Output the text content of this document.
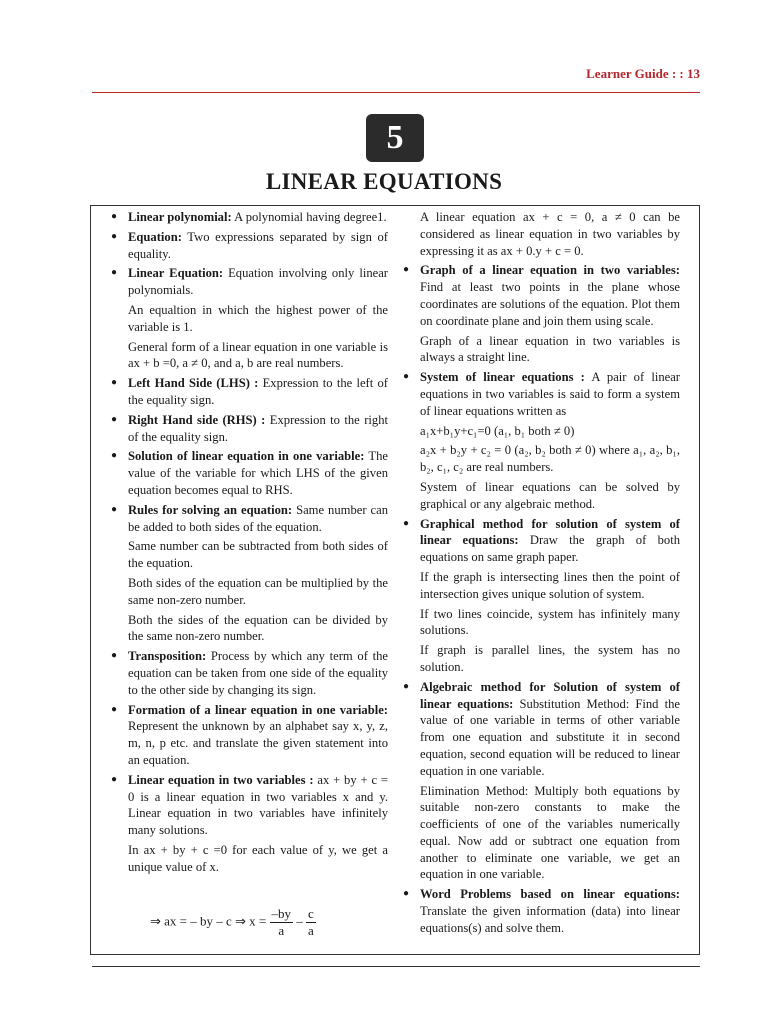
Learner Guide : : 13
5
LINEAR EQUATIONS
● Linear polynomial: A polynomial having degree1.
● Equation: Two expressions separated by sign of equality.
● Linear Equation: Equation involving only linear polynomials.
An equaltion in which the highest power of the variable is 1.
General form of a linear equation in one variable is ax + b =0, a ≠ 0, and a, b are real numbers.
● Left Hand Side (LHS) : Expression to the left of the equality sign.
● Right Hand side (RHS) : Expression to the right of the equality sign.
● Solution of linear equation in one variable: The value of the variable for which LHS of the given equation becomes equal to RHS.
● Rules for solving an equation: Same number can be added to both sides of the equation.
Same number can be subtracted from both sides of the equation.
Both sides of the equation can be multiplied by the same non-zero number.
Both the sides of the equation can be divided by the same non-zero number.
● Transposition: Process by which any term of the equation can be taken from one side of the equality to the other side by changing its sign.
● Formation of a linear equation in one variable: Represent the unknown by an alphabet say x, y, z, m, n, p etc. and translate the given statement into an equation.
● Linear equation in two variables : ax + by + c = 0 is a linear equation in two variables x and y. Linear equation in two variables have infinitely many solutions.
In ax + by + c =0 for each value of y, we get a unique value of x.
⇒ ax = – by – c ⇒ $x = \frac{-by}{a} - \frac{c}{a}$
A linear equation ax + c = 0, a ≠ 0 can be considered as linear equation in two variables by expressing it as ax + 0.y + c = 0.
● Graph of a linear equation in two variables: Find at least two points in the plane whose coordinates are solutions of the equation. Plot them on coordinate plane and join them using scale.
Graph of a linear equation in two variables is always a straight line.
● System of linear equations : A pair of linear equations in two variables is said to form a system of linear equations written as
a₁x+b₁y+c₁=0 (a₁, b₁ both ≠ 0)
a₂x + b₂y + c₂ = 0 (a₂, b₂ both ≠ 0) where a₁, a₂, b₁, b₂, c₁, c₂ are real numbers.
System of linear equations can be solved by graphical or any algebraic method.
● Graphical method for solution of system of linear equations: Draw the graph of both equations on same graph paper.
If the graph is intersecting lines then the point of intersection gives unique solution of system.
If two lines coincide, system has infinitely many solutions.
If graph is parallel lines, the system has no solution.
● Algebraic method for Solution of system of linear equations: Substitution Method: Find the value of one variable in terms of other variable from one equation and substitute it in second equation, second equation will be reduced to linear equation in one variable.
Elimination Method: Multiply both equations by suitable non-zero constants to make the coefficients of one of the variables numerically equal. Now add or subtract one equation from another to eliminate one variable, we get an equation in one variable.
● Word Problems based on linear equations: Translate the given information (data) into linear equations(s) and solve them.
